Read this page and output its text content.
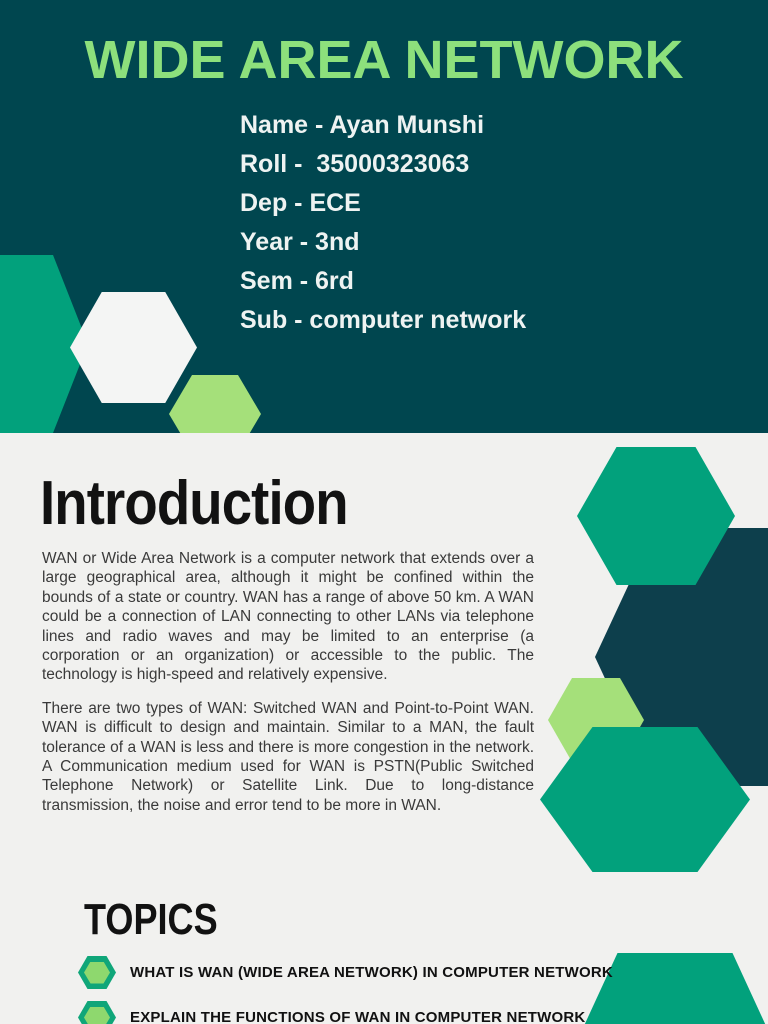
WIDE AREA NETWORK
Name - Ayan Munshi
Roll -  35000323063
Dep - ECE
Year - 3nd
Sem - 6rd
Sub - computer network
Introduction

WAN or Wide Area Network is a computer network that extends over a large geographical area, although it might be confined within the bounds of a state or country. WAN has a range of above 50 km. A WAN could be a connection of LAN connecting to other LANs via telephone lines and radio waves and may be limited to an enterprise (a corporation or an organization) or accessible to the public. The technology is high-speed and relatively expensive.

There are two types of WAN: Switched WAN and Point-to-Point WAN. WAN is difficult to design and maintain. Similar to a MAN, the fault tolerance of a WAN is less and there is more congestion in the network. A Communication medium used for WAN is PSTN(Public Switched Telephone Network) or Satellite Link. Due to long-distance transmission, the noise and error tend to be more in WAN.

TOPICS
WHAT IS WAN (WIDE AREA NETWORK) IN COMPUTER NETWORK
EXPLAIN THE FUNCTIONS OF WAN IN COMPUTER NETWORK
